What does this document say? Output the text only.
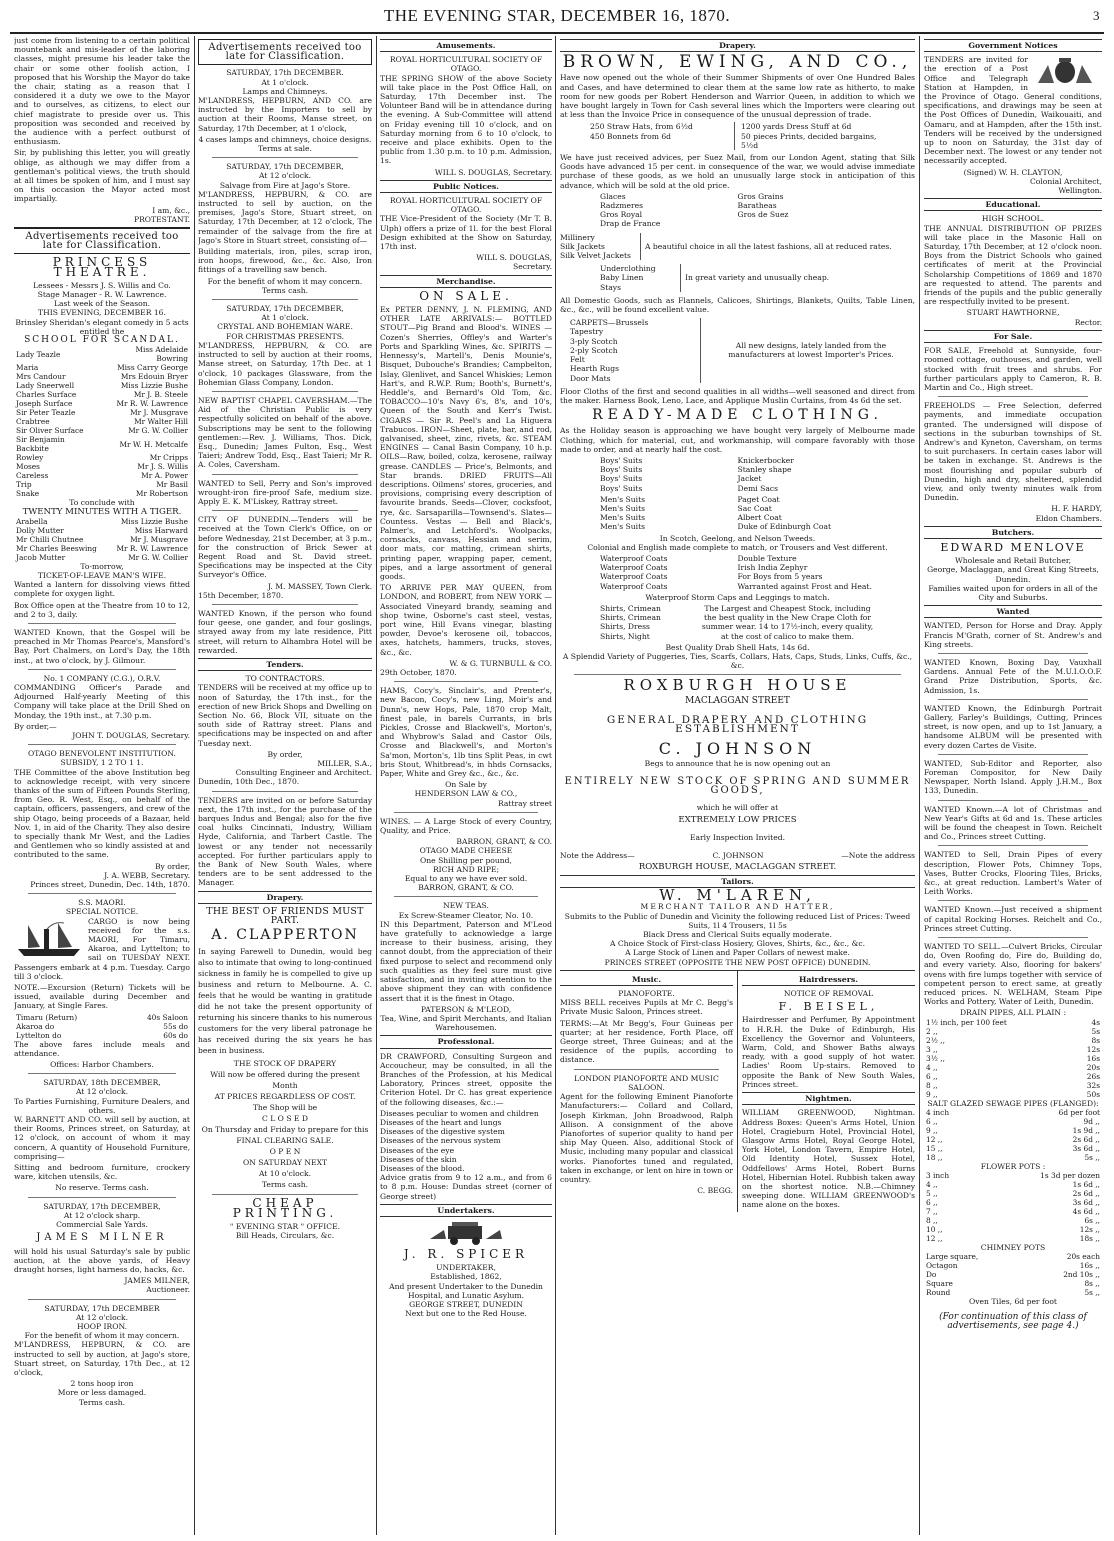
THE EVENING STAR, DECEMBER 16, 1870.	3
just come from listening to a certain political mountebank and mis-leader of the laboring classes, might presume his leader take the chair or some other foolish action, I proposed that his Worship the Mayor do take the chair, stating as a reason that I considered it a duty we owe to the Mayor and to ourselves, as citizens, to elect our chief magistrate to preside over us. This proposition was seconded and received by the audience with a perfect outburst of enthusiasm.
Sir, by publishing this letter, you will greatly oblige, as although we may differ from a gentleman's political views, the truth should at all times be spoken of him, and I must say on this occasion the Mayor acted most impartially.
I am, &c.,
PROTESTANT.
Advertisements received too late for Classification.
PRINCESS THEATRE.
Lessees - Messrs J. S. Willis and Co.
Stage Manager - R. W. Lawrence.
Last week of the Season.
THIS EVENING, DECEMBER 16.
Brinsley Sheridan's elegant comedy in 5 acts entitled the
SCHOOL FOR SCANDAL.
Lady Teazle	Miss Adelaide Bowring
Maria	Miss Carry George
Mrs Candour	Mrs Edouin Bryer
Lady Sneerwell	Miss Lizzie Bushe
Charles Surface	Mr J. B. Steele
Joseph Surface	Mr R. W. Lawrence
Sir Peter Teazle	Mr J. Musgrave
Crabtree	Mr Walter Hill
Sir Oliver Surface	Mr G. W. Collier
Sir Benjamin Backbite	Mr W. H. Metcalfe
Rowley	Mr Cripps
Moses	Mr J. S. Willis
Careless	Mr A. Power
Trip	Mr Basil
Snake	Mr Robertson
To conclude with
TWENTY MINUTES WITH A TIGER.
Arabella	Miss Lizzie Bushe
Dolly Mutter	Miss Harward
Mr Chilli Chutnee	Mr J. Musgrave
Mr Charles Beeswing	Mr R. W. Lawrence
Jacob Mutter	Mr G. W. Collier
To-morrow,
TICKET-OF-LEAVE MAN'S WIFE.
Wanted a lantern for dissolving views fitted complete for oxygen light.
Box Office open at the Theatre from 10 to 12, and 2 to 3, daily.
WANTED Known, that the Gospel will be preached in Mr Thomas Pearce's, Mansford's Bay, Port Chalmers, on Lord's Day, the 18th inst., at two o'clock, by J. Gilmour.
No. 1 COMPANY (C.G.), O.R.V.
COMMANDING Officer's Parade and Adjourned Half-yearly Meeting of this Company will take place at the Drill Shed on Monday, the 19th inst., at 7.30 p.m.
By order,—
JOHN T. DOUGLAS, Secretary.
OTAGO BENEVOLENT INSTITUTION.
SUBSIDY, 1 2 TO 1 1.
THE Committee of the above Institution beg to acknowledge receipt, with very sincere thanks of the sum of Fifteen Pounds Sterling, from Geo. R. West, Esq., on behalf of the captain, officers, passengers, and crew of the ship Otago, being proceeds of a Bazaar, held Nov. 1, in aid of the Charity. They also desire to specially thank Mr West, and the Ladies and Gentlemen who so kindly assisted at and contributed to the same.
By order,
J. A. WEBB, Secretary.
Princes street, Dunedin, Dec. 14th, 1870.
S.S. MAORI.
SPECIAL NOTICE.
CARGO is now being received for the s.s. MAORI, For Timaru, Akaroa, and Lyttelton; to sail on TUESDAY NEXT. Passengers embark at 4 p.m. Tuesday. Cargo till 3 o'clock.
NOTE.—Excursion (Return) Tickets will be issued, available during December and January, at Single Fares.
Timaru (Return)	40s Saloon
Akaroa do	55s do
Lyttelton do	60s do
The above fares include meals and attendance.
Offices: Harbor Chambers.
SATURDAY, 18th DECEMBER,
At 12 o'clock.
To Parties Furnishing, Furniture Dealers, and others.
W. BARNETT AND CO. will sell by auction, at their Rooms, Princes street, on Saturday, at 12 o'clock, on account of whom it may concern, A quantity of Household Furniture, comprising—
Sitting and bedroom furniture, crockery ware, kitchen utensils, &c.
No reserve. Terms cash.
SATURDAY, 17th DECEMBER,
At 12 o'clock sharp.
Commercial Sale Yards.
JAMES MILNER
will hold his usual Saturday's sale by public auction, at the above yards, of Heavy draught horses, light harness do, hacks, &c.
JAMES MILNER,
Auctioneer.
SATURDAY, 17th DECEMBER
At 12 o'clock.
HOOP IRON.
For the benefit of whom it may concern.
M'LANDRESS, HEPBURN, & CO. are instructed to sell by auction, at Jago's store, Stuart street, on Saturday, 17th Dec., at 12 o'clock,
2 tons hoop iron
More or less damaged.
Terms cash.
Advertisements received too late for Classification.
SATURDAY, 17th DECEMBER.
At 1 o'clock.
Lamps and Chimneys.
M'LANDRESS, HEPBURN, AND CO. are instructed by the Importers to sell by auction at their Rooms, Manse street, on Saturday, 17th December, at 1 o'clock,
4 cases lamps and chimneys, choice designs.
Terms at sale.
SATURDAY, 17th DECEMBER,
At 12 o'clock.
Salvage from Fire at Jago's Store.
M'LANDRESS, HEPBURN, & CO. are instructed to sell by auction, on the premises, Jago's Store, Stuart street, on Saturday, 17th December, at 12 o'clock, The remainder of the salvage from the fire at Jago's Store in Stuart street, consisting of—
Building materials, iron, piles, scrap iron, iron hoops, firewood, &c., &c. Also, Iron fittings of a travelling saw bench.
For the benefit of whom it may concern.
Terms cash.
SATURDAY, 17th DECEMBER,
At 1 o'clock.
CRYSTAL AND BOHEMIAN WARE.
FOR CHRISTMAS PRESENTS.
M'LANDRESS, HEPBURN, & CO. are instructed to sell by auction at their rooms, Manse street, on Saturday, 17th Dec. at 1 o'clock, 10 packages Glassware, from the Bohemian Glass Company, London.
NEW BAPTIST CHAPEL CAVERSHAM.—The Aid of the Christian Public is very respectfully solicited on behalf of the above. Subscriptions may be sent to the following gentlemen:—Rev. J. Williams, Thos. Dick, Esq., Dunedin; James Fulton, Esq., West Taieri; Andrew Todd, Esq., East Taieri; Mr R. A. Coles, Caversham.
WANTED to Sell, Perry and Son's improved wrought-iron fire-proof Safe, medium size. Apply E. K. M'Liskey, Rattray street.
CITY OF DUNEDIN.—Tenders will be received at the Town Clerk's Office, on or before Wednesday, 21st December, at 3 p.m., for the construction of Brick Sewer at Regent Road and St. David street. Specifications may be inspected at the City Surveyor's Office.
J. M. MASSEY, Town Clerk.
15th December, 1870.
WANTED Known, if the person who found four geese, one gander, and four goslings, strayed away from my late residence, Pitt street, will return to Alhambra Hotel will be rewarded.
Tenders.
TO CONTRACTORS.
TENDERS will be received at my office up to noon of Saturday, the 17th inst., for the erection of new Brick Shops and Dwelling on Section No. 66, Block VII, situate on the south side of Rattray street. Plans and specifications may be inspected on and after Tuesday next.
By order,
MILLER, S.A.,
Consulting Engineer and Architect.
Dunedin, 10th Dec., 1870.
TENDERS are invited on or before Saturday next, the 17th inst., for the purchase of the barques Indus and Bengal; also for the five coal hulks Cincinnati, Industry, William Hyde, California, and Tarbert Castle. The lowest or any tender not necessarily accepted. For further particulars apply to the Bank of New South Wales, where tenders are to be sent addressed to the Manager.
Drapery.
THE BEST OF FRIENDS MUST PART.
A. CLAPPERTON
In saying Farewell to Dunedin, would beg also to intimate that owing to long-continued sickness in family he is compelled to give up business and return to Melbourne. A. C. feels that he would be wanting in gratitude did he not take the present opportunity of returning his sincere thanks to his numerous customers for the very liberal patronage he has received during the six years he has been in business.
THE STOCK OF DRAPERY
Will now be offered during the present Month
AT PRICES REGARDLESS OF COST.
The Shop will be
C L O S E D
On Thursday and Friday to prepare for this
FINAL CLEARING SALE.
O P E N
ON SATURDAY NEXT
At 10 o'clock.
Terms cash.
CHEAP PRINTING.
" EVENING STAR " OFFICE.
Bill Heads, Circulars, &c.
Amusements.
ROYAL HORTICULTURAL SOCIETY OF OTAGO.
THE SPRING SHOW of the above Society will take place in the Post Office Hall, on Saturday, 17th December inst. The Volunteer Band will be in attendance during the evening. A Sub-Committee will attend on Friday evening till 10 o'clock, and on Saturday morning from 6 to 10 o'clock, to receive and place exhibits. Open to the public from 1.30 p.m. to 10 p.m. Admission, 1s.
WILL S. DOUGLAS, Secretary.
Public Notices.
ROYAL HORTICULTURAL SOCIETY OF OTAGO.
THE Vice-President of the Society (Mr T. B. Ulph) offers a prize of 1l. for the best Floral Design exhibited at the Show on Saturday, 17th inst.
WILL S. DOUGLAS,
Secretary.
Merchandise.
ON SALE.
Ex PETER DENNY, J. N. FLEMING, AND OTHER LATE ARRIVALS:— BOTTLED STOUT—Pig Brand and Blood's. WINES — Cozen's Sherries, Offley's and Warter's Ports and Sparkling Wines, &c. SPIRITS — Hennessy's, Martell's, Denis Mounie's, Bisquet, Dubouche's Brandies; Campbelton, Islay, Glenlivet, and Sancel Whiskies; Lemon Hart's, and R.W.P. Rum; Booth's, Burnett's, Heddle's, and Bernard's Old Tom, &c. TOBACCO—10's Navy 6's, 8's, and 10's, Queen of the South and Kerr's Twist. CIGARS — Sir R. Peel's and La Higuera Trabucos. IRON—Sheet, plate, bar, and rod, galvanised, sheet, zinc, rivets, &c. STEAM ENGINES — Canal Basin Company, 10 h.p. OILS—Raw, boiled, colza, kerosene, railway grease. CANDLES — Price's, Belmonts, and Star brands. DRIED FRUITS—All descriptions. Oilmens' stores, groceries, and provisions, comprising every description of favourite brands. Seeds—Clover, cocksfoot, rye, &c. Sarsaparilla—Townsend's. Slates—Countess. Vestas — Bell and Black's, Palmer's, and Letchford's. Woolpacks, cornsacks, canvass, Hessian and serim, door mats, cor matting, crimean shirts, printing paper, wrapping paper, cement, pipes, and a large assortment of general goods.
TO ARRIVE PER MAY QUEEN, from LONDON, and ROBERT, from NEW YORK — Associated Vineyard brandy, seaming and shop twine, Osborne's cast steel, vestas, port wine, Hill Evans vinegar, blasting powder, Devoe's kerosene oil, tobaccos, axes, hatchets, hammers, trucks, stoves, &c., &c.
W. & G. TURNBULL & CO.
29th October, 1870.
HAMS, Cocy's, Sinclair's, and Prenter's, new Bacon, Cocy's, new Ling, Moir's and Dunn's, new Hops, Pale, 1870 crop Malt, finest pale, in barels Currants, in brls Pickles, Crosse and Blackwell's, Morton's, and Whybrow's Salad and Castor Oils, Crosse and Blackwell's, and Morton's Sa'mon, Morton's, 1lb tins Split Peas, in cwt bris Stout, Whitbread's, in hhds Cornsacks, Paper, White and Grey &c., &c., &c.
On Sale by
HENDERSON LAW & CO.,
Rattray street
WINES. — A Large Stock of every Country, Quality, and Price.
BARRON, GRANT, & CO.
OTAGO MADE CHEESE
One Shilling per pound,
RICH AND RIPE;
Equal to any we have ever sold.
BARRON, GRANT, & CO.
NEW TEAS.
Ex Screw-Steamer Cleator, No. 10.
IN this Department, Paterson and M'Leod have gratefully to acknowledge a large increase to their business, arising, they cannot doubt, from the appreciation of their fixed purpose to select and recommend only such qualities as they feel sure must give satisfaction, and in inviting attention to the above shipment they can with confidence assert that it is the finest in Otago.
PATERSON & M'LEOD,
Tea, Wine, and Spirit Merchants, and Italian Warehousemen.
Professional.
DR CRAWFORD, Consulting Surgeon and Accoucheur, may be consulted, in all the Branches of the Profession, at his Medical Laboratory, Princes street, opposite the Criterion Hotel. Dr C. has great experience of the following diseases, &c.:—
Diseases peculiar to women and children
Diseases of the heart and lungs
Diseases of the digestive system
Diseases of the nervous system
Diseases of the eye
Diseases of the skin
Diseases of the blood.
Advice gratis from 9 to 12 a.m., and from 6 to 8 p.m. House: Dundas street (corner of George street)
Undertakers.
J. R. SPICER
UNDERTAKER,
Established, 1862,
And present Undertaker to the Dunedin Hospital, and Lunatic Asylum.
GEORGE STREET, DUNEDIN
Next but one to the Red House.
Drapery.
BROWN, EWING, AND CO.,
Have now opened out the whole of their Summer Shipments of over One Hundred Bales and Cases, and have determined to clear them at the same low rate as hitherto, to make room for new goods per Robert Henderson and Warrior Queen, in addition to which we have bought largely in Town for Cash several lines which the Importers were clearing out at less than the Invoice Price in consequence of the unusual depression of trade.
250 Straw Hats, from 6½d
450 Bonnets from 6d
1200 yards Dress Stuff at 6d
50 pieces Prints, decided bargains, 5½d
We have just received advices, per Suez Mail, from our London Agent, stating that Silk Goods have advanced 15 per cent. in consequence of the war, we would advise immediate purchase of these goods, as we hold an unusually large stock in anticipation of this advance, which will be sold at the old price.
Glaces
Radzmeres
Gros Royal
Drap de France
Gros Grains
Baratheas
Gros de Suez
Millinery
Silk Jackets
Silk Velvet Jackets
A beautiful choice in all the latest fashions, all at reduced rates.
Underclothing
Baby Linen
Stays
In great variety and unusually cheap.
All Domestic Goods, such as Flannels, Calicoes, Shirtings, Blankets, Quilts, Table Linen, &c., &c., will be found excellent value.
CARPETS—Brussels
Tapestry
3-ply Scotch
2-ply Scotch
Felt
Hearth Rugs
Door Mats
All new designs, lately landed from the manufacturers at lowest Importer's Prices.
Floor Cloths of the first and second qualities in all widths—well seasoned and direct from the maker. Harness Book, Leno, Lace, and Applique Muslin Curtains, from 4s 6d the set.
READY-MADE CLOTHING.
As the Holiday season is approaching we have bought very largely of Melbourne made Clothing, which for material, cut, and workmanship, will compare favorably with those made to order, and at nearly half the cost.
Boys' Suits
Boys' Suits
Boys' Suits
Boys' Suits
Knickerbocker
Stanley shape
Jacket
Demi Sacs
Men's Suits
Men's Suits
Men's Suits
Men's Suits
Paget Coat
Sac Coat
Albert Coat
Duke of Edinburgh Coat
In Scotch, Geelong, and Nelson Tweeds.
Colonial and English made complete to match, or Trousers and Vest different.
Waterproof Coats
Waterproof Coats
Waterproof Coats
Waterproof Coats
Double Texture
Irish India Zephyr
For Boys from 5 years
Warranted against Frost and Heat.
Waterproof Storm Caps and Leggings to match.
Shirts, Crimean
Shirts, Crimean
Shirts, Dress
Shirts, Night
The Largest and Cheapest Stock, including the best quality in the New Crape Cloth for summer wear. 14 to 17½-inch, every quality, at the cost of calico to make them.
Best Quality Drab Shell Hats, 14s 6d.
A Splendid Variety of Puggeries, Ties, Scarfs, Collars, Hats, Caps, Studs, Links, Cuffs, &c., &c.
ROXBURGH HOUSE
MACLAGGAN STREET
GENERAL DRAPERY AND CLOTHING ESTABLISHMENT
C. JOHNSON
Begs to announce that he is now opening out an
ENTIRELY NEW STOCK OF SPRING AND SUMMER GOODS,
which he will offer at
EXTREMELY LOW PRICES
Early Inspection Invited.
Note the Address—	C. JOHNSON	—Note the address
ROXBURGH HOUSE, MACLAGGAN STREET.
Tailors.
W. M'LAREN,
MERCHANT TAILOR AND HATTER,
Submits to the Public of Dunedin and Vicinity the following reduced List of Prices: Tweed Suits, 1l 4 Trousers, 1l 5s
Black Dress and Clerical Suits equally moderate.
A Choice Stock of First-class Hosiery, Gloves, Shirts, &c., &c., &c.
A Large Stock of Linen and Paper Collars of newest make.
PRINCES STREET (OPPOSITE THE NEW POST OFFICE) DUNEDIN.
Music.
PIANOFORTE.
MISS BELL receives Pupils at Mr C. Begg's Private Music Saloon, Princes street.
TERMS:—At Mr Begg's, Four Guineas per quarter; at her residence, Forth Place, off George street, Three Guineas; and at the residence of the pupils, according to distance.
LONDON PIANOFORTE AND MUSIC SALOON.
Agent for the following Eminent Pianoforte Manufacturers:— Collard and Collard, Joseph Kirkman, John Broadwood, Ralph Allison. A consignment of the above Pianofortes of superior quality to hand per ship May Queen. Also, additional Stock of Music, including many popular and classical works. Pianofortes tuned and regulated, taken in exchange, or lent on hire in town or country.
C. BEGG.
Hairdressers.
NOTICE OF REMOVAL
F. BEISEL,
Hairdresser and Perfumer, By Appointment to H.R.H. the Duke of Edinburgh, His Excellency the Governor and Volunteers, Warm, Cold, and Shower Baths always ready, with a good supply of hot water. Ladies' Room Up-stairs. Removed to opposite the Bank of New South Wales, Princes street.
Nightmen.
WILLIAM GREENWOOD, Nightman. Address Boxes: Queen's Arms Hotel, Union Hotel, Cragieburn Hotel, Provincial Hotel, Glasgow Arms Hotel, Royal George Hotel, York Hotel, London Tavern, Empire Hotel, Old Identity Hotel, Sussex Hotel, Oddfellows' Arms Hotel, Robert Burns Hotel, Hibernian Hotel. Rubbish taken away on the shortest notice. N.B.—Chimney sweeping done. WILLIAM GREENWOOD's name alone on the boxes.
Government Notices
TENDERS are invited for the erection of a Post Office and Telegraph Station at Hampden, in the Province of Otago. General conditions, specifications, and drawings may be seen at the Post Offices of Dunedin, Waikouaiti, and Oamaru, and at Hampden, after the 15th inst. Tenders will be received by the undersigned up to noon on Saturday, the 31st day of December next. The lowest or any tender not necessarily accepted.
(Signed) W. H. CLAYTON,
Colonial Architect,
Wellington.
Educational.
HIGH SCHOOL.
THE ANNUAL DISTRIBUTION OF PRIZES will take place in the Masonic Hall on Saturday, 17th December, at 12 o'clock noon. Boys from the District Schools who gained certificates of merit at the Provincial Scholarship Competitions of 1869 and 1870 are requested to attend. The parents and friends of the pupils and the public generally are respectfully invited to be present.
STUART HAWTHORNE,
Rector.
For Sale.
FOR SALE, Freehold at Sunnyside, four-roomed cottage, outhouses, and garden, well stocked with fruit trees and shrubs. For further particulars apply to Cameron, R. B. Martin and Co., High street.
FREEHOLDS — Free Selection, deferred payments, and immediate occupation granted. The undersigned will dispose of sections in the suburban townships of St. Andrew's and Kyneton, Caversham, on terms to suit purchasers. In certain cases labor will be taken in exchange. St. Andrews is the most flourishing and popular suburb of Dunedin, high and dry, sheltered, splendid view, and only twenty minutes walk from Dunedin.
H. F. HARDY,
Eldon Chambers.
Butchers.
EDWARD MENLOVE
Wholesale and Retail Butcher,
George, Maclaggan, and Great King Streets, Dunedin.
Families waited upon for orders in all of the City and Suburbs.
Wanted
WANTED, Person for Horse and Dray. Apply Francis M'Grath, corner of St. Andrew's and King streets.
WANTED Known, Boxing Day, Vauxhall Gardens. Annual Fete of the M.U.I.O.O.F. Grand Prize Distribution, Sports, &c. Admission, 1s.
WANTED Known, the Edinburgh Portrait Gallery, Farley's Buildings, Cutting, Princes street, is now open, and up to 1st January, a handsome ALBUM will be presented with every dozen Cartes de Visite.
WANTED, Sub-Editor and Reporter, also Foreman Compositor, for New Daily Newspaper, North Island. Apply J.H.M., Box 133, Dunedin.
WANTED Known.—A lot of Christmas and New Year's Gifts at 6d and 1s. These articles will be found the cheapest in Town. Reichelt and Co., Princes street Cutting.
WANTED to Sell, Drain Pipes of every description, Flower Pots, Chimney Tops, Vases, Butter Crocks, Flooring Tiles, Bricks, &c., at great reduction. Lambert's Water of Leith Works.
WANTED Known.—Just received a shipment of capital Rocking Horses. Reichelt and Co., Princes street Cutting.
WANTED TO SELL.—Culvert Bricks, Circular do, Oven Roofing do, Fire do, Building do, and every variety. Also, flooring for bakers' ovens with fire lumps together with service of competent person to erect same, at greatly reduced prices. N. WELHAM, Steam Pipe Works and Pottery, Water of Leith, Dunedin.
DRAIN PIPES, ALL PLAIN :
1½ inch, per 100 feet	4s
2 ,,	5s
2½ ,,	8s
3 ,,	12s
3½ ,,	16s
4 ,,	20s
6 ,,	26s
8 ,,	32s
9 ,,	50s
SALT GLAZED SEWAGE PIPES (FLANGED):
4 inch	6d per foot
6 ,,	9d ,,
9 ,,	1s 9d ,,
12 ,,	2s 6d ,,
15 ,,	3s 6d ,,
18 ,,	5s ,,
FLOWER POTS :
3 inch	1s 3d per dozen
4 ,,	1s 6d ,,
5 ,,	2s 6d ,,
6 ,,	3s 6d ,,
7 ,,	4s 6d ,,
8 ,,	6s ,,
10 ,,	12s ,,
12 ,,	18s ,,
CHIMNEY POTS
Large square,	20s each
Octagon	16s ,,
Do	2nd 10s ,,
Square	8s ,,
Round	5s ,,
Oven Tiles, 6d per foot
(For continuation of this class of advertisements, see page 4.)
